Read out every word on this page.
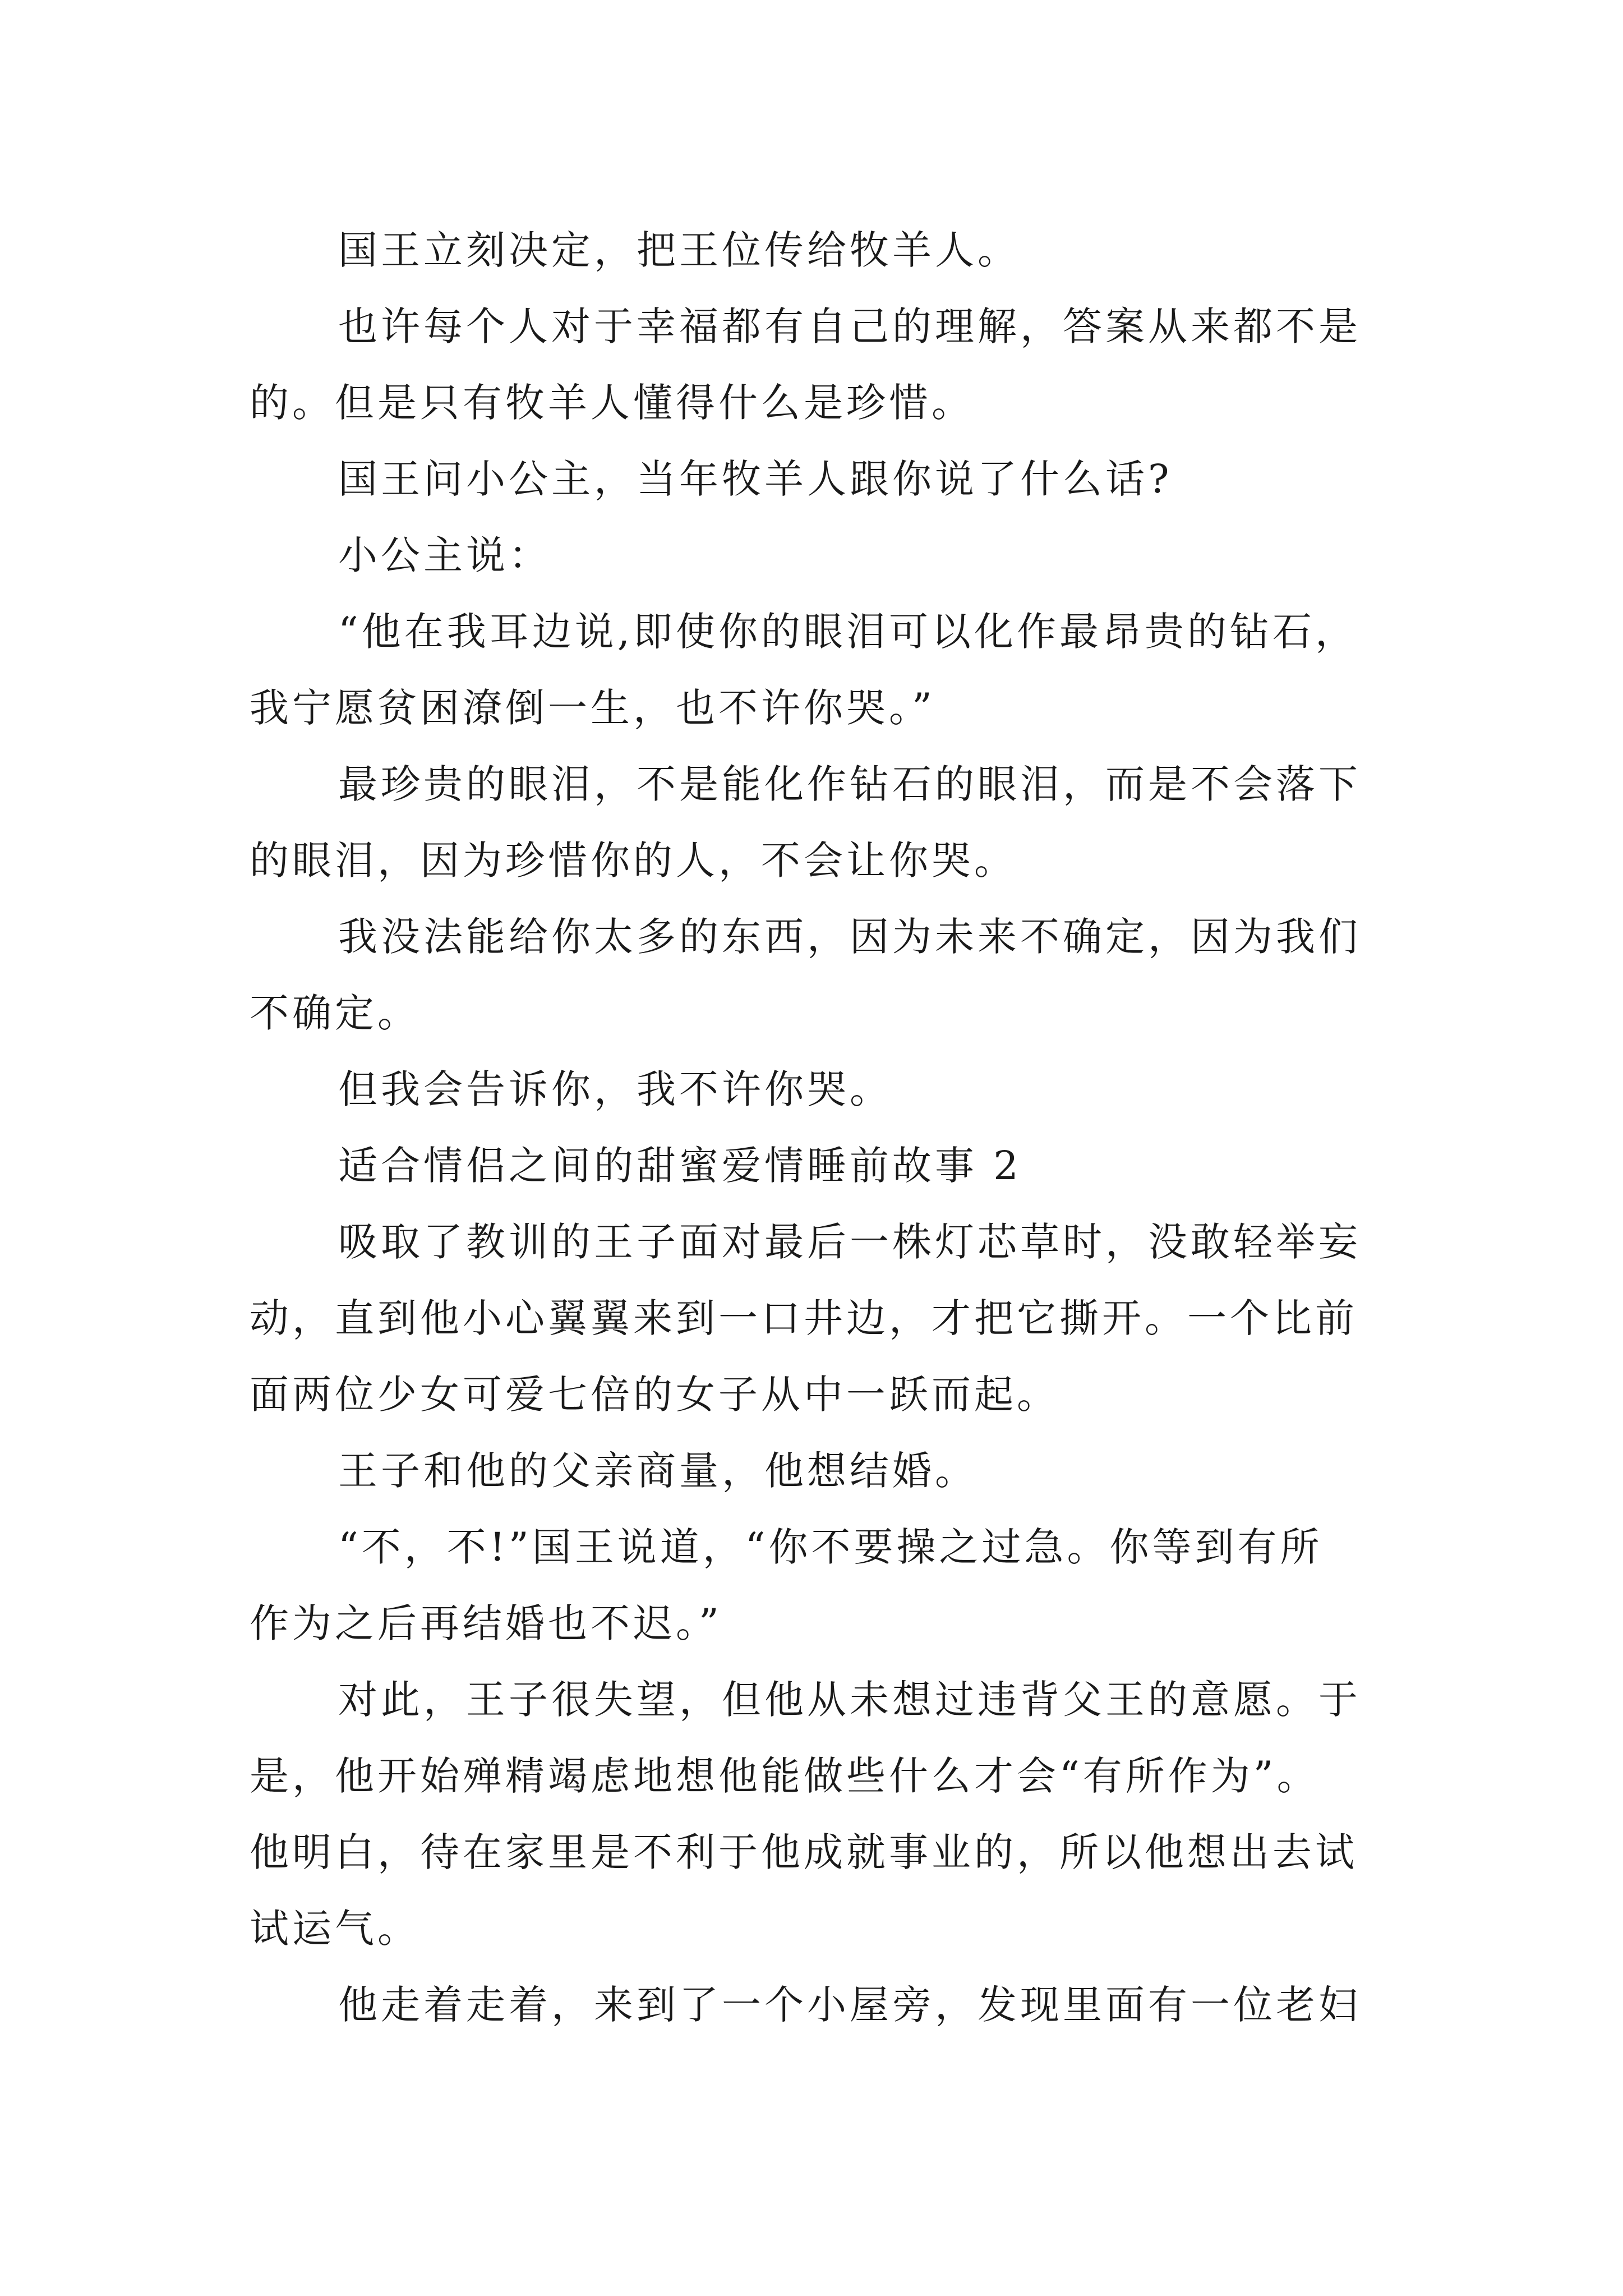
国王立刻决定，把王位传给牧羊人。
也许每个人对于幸福都有自己的理解，答案从来都不是
的。但是只有牧羊人懂得什么是珍惜。
国王问小公主，当年牧羊人跟你说了什么话?
小公主说：
“他在我耳边说,即使你的眼泪可以化作最昂贵的钻石，
我宁愿贫困潦倒一生，也不许你哭。”
最珍贵的眼泪，不是能化作钻石的眼泪，而是不会落下
的眼泪，因为珍惜你的人，不会让你哭。
我没法能给你太多的东西，因为未来不确定，因为我们
不确定。
但我会告诉你，我不许你哭。
适合情侣之间的甜蜜爱情睡前故事 2
吸取了教训的王子面对最后一株灯芯草时，没敢轻举妄
动，直到他小心翼翼来到一口井边，才把它撕开。一个比前
面两位少女可爱七倍的女子从中一跃而起。
王子和他的父亲商量，他想结婚。
“不，不!”国王说道，“你不要操之过急。你等到有所
作为之后再结婚也不迟。”
对此，王子很失望，但他从未想过违背父王的意愿。于
是，他开始殚精竭虑地想他能做些什么才会“有所作为”。
他明白，待在家里是不利于他成就事业的，所以他想出去试
试运气。
他走着走着，来到了一个小屋旁，发现里面有一位老妇
